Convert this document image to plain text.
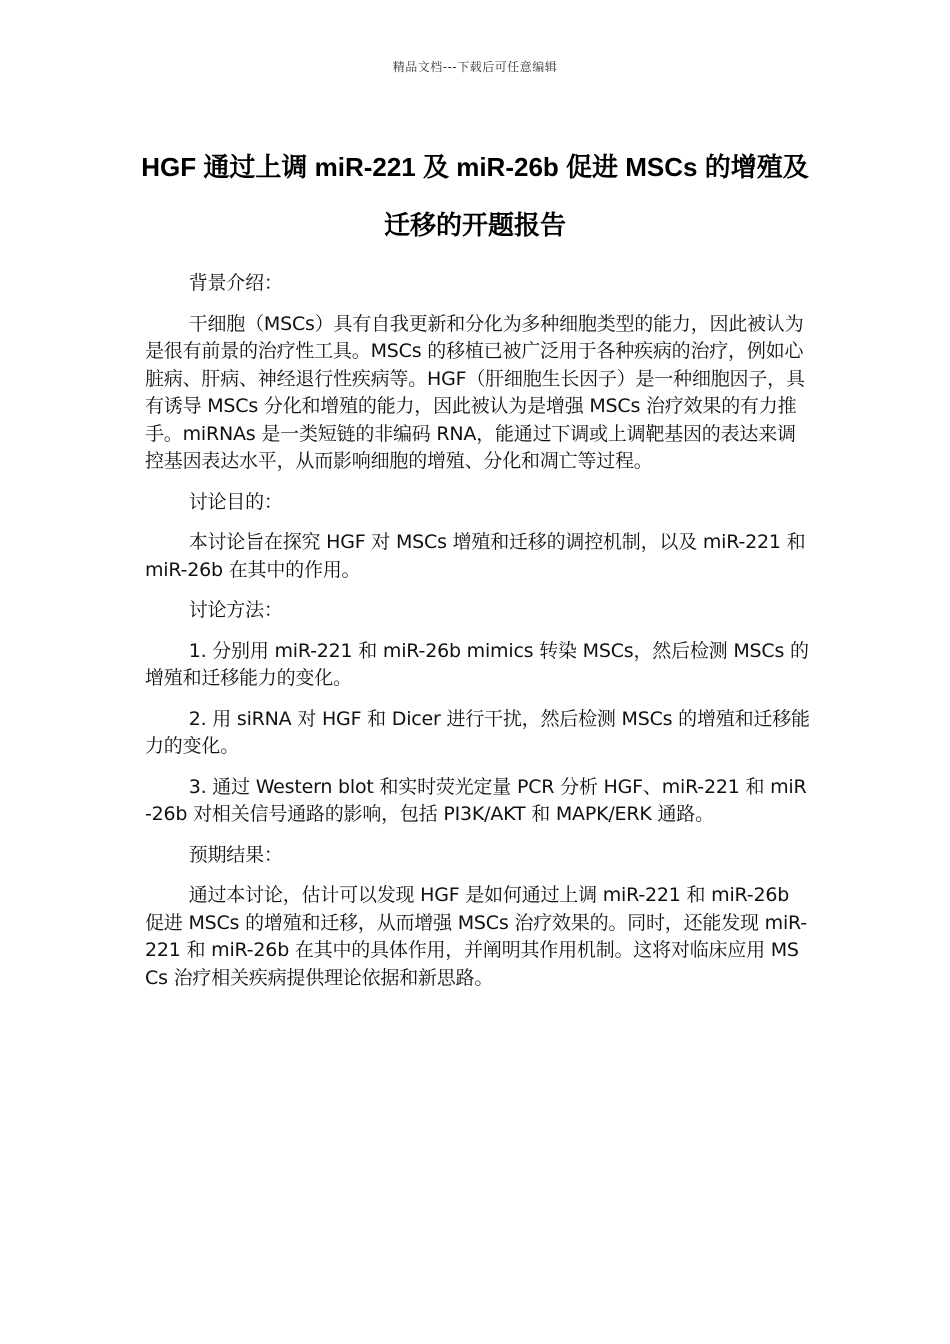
精品文档---下载后可任意编辑
HGF 通过上调 miR-221 及 miR-26b 促进 MSCs 的增殖及迁移的开题报告

背景介绍：

干细胞（MSCs）具有自我更新和分化为多种细胞类型的能力，因此被认为是很有前景的治疗性工具。MSCs 的移植已被广泛用于各种疾病的治疗，例如心脏病、肝病、神经退行性疾病等。HGF（肝细胞生长因子）是一种细胞因子，具有诱导 MSCs 分化和增殖的能力，因此被认为是增强 MSCs 治疗效果的有力推手。miRNAs 是一类短链的非编码 RNA，能通过下调或上调靶基因的表达来调控基因表达水平，从而影响细胞的增殖、分化和凋亡等过程。

讨论目的：

本讨论旨在探究 HGF 对 MSCs 增殖和迁移的调控机制，以及 miR-221 和 miR-26b 在其中的作用。

讨论方法：

1. 分别用 miR-221 和 miR-26b mimics 转染 MSCs，然后检测 MSCs 的增殖和迁移能力的变化。

2. 用 siRNA 对 HGF 和 Dicer 进行干扰，然后检测 MSCs 的增殖和迁移能力的变化。

3. 通过 Western blot 和实时荧光定量 PCR 分析 HGF、miR-221 和 miR-26b 对相关信号通路的影响，包括 PI3K/AKT 和 MAPK/ERK 通路。

预期结果：

通过本讨论，估计可以发现 HGF 是如何通过上调 miR-221 和 miR-26b 促进 MSCs 的增殖和迁移，从而增强 MSCs 治疗效果的。同时，还能发现 miR-221 和 miR-26b 在其中的具体作用，并阐明其作用机制。这将对临床应用 MSCs 治疗相关疾病提供理论依据和新思路。
